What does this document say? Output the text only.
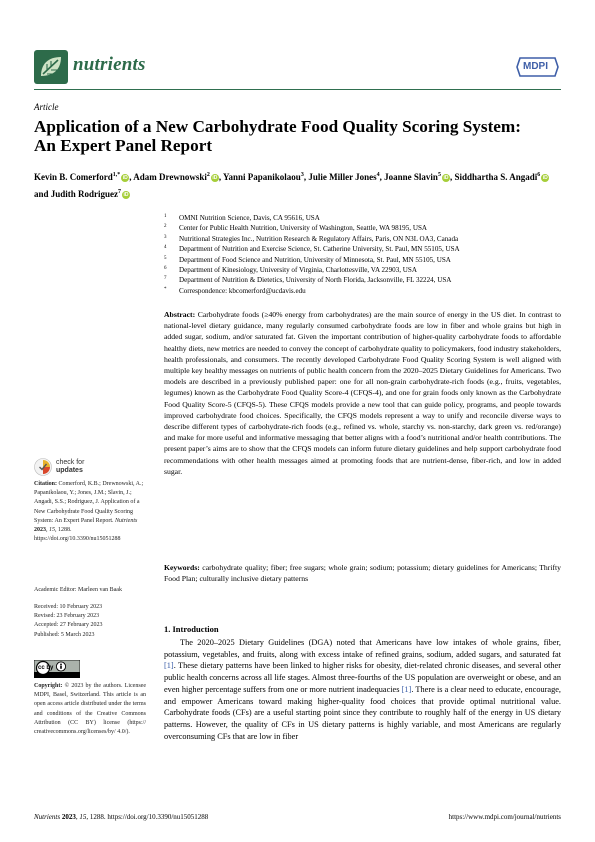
nutrients	MDPI
Article
Application of a New Carbohydrate Food Quality Scoring System: An Expert Panel Report
Kevin B. Comerford$^{1,*}$ iD , Adam Drewnowski$^2$ iD , Yanni Papanikolaou$^3$, Julie Miller Jones$^4$, Joanne Slavin$^5$ iD , Siddhartha S. Angadi$^6$ iD and Judith Rodriguez$^7$ iD
1	OMNI Nutrition Science, Davis, CA 95616, USA
2	Center for Public Health Nutrition, University of Washington, Seattle, WA 98195, USA
3	Nutritional Strategies Inc., Nutrition Research & Regulatory Affairs, Paris, ON N3L OA3, Canada
4	Department of Nutrition and Exercise Science, St. Catherine University, St. Paul, MN 55105, USA
5	Department of Food Science and Nutrition, University of Minnesota, St. Paul, MN 55105, USA
6	Department of Kinesiology, University of Virginia, Charlottesville, VA 22903, USA
7	Department of Nutrition & Dietetics, University of North Florida, Jacksonville, FL 32224, USA
*	Correspondence: kbcomerford@ucdavis.edu
Abstract: Carbohydrate foods (≥40% energy from carbohydrates) are the main source of energy in the US diet. In contrast to national-level dietary guidance, many regularly consumed carbohydrate foods are low in fiber and whole grains but high in added sugar, sodium, and/or saturated fat. Given the important contribution of higher-quality carbohydrate foods to affordable healthy diets, new metrics are needed to convey the concept of carbohydrate quality to policymakers, food industry stakeholders, health professionals, and consumers. The recently developed Carbohydrate Food Quality Scoring System is well aligned with multiple key healthy messages on nutrients of public health concern from the 2020–2025 Dietary Guidelines for Americans. Two models are described in a previously published paper: one for all non-grain carbohydrate-rich foods (e.g., fruits, vegetables, legumes) known as the Carbohydrate Food Quality Score-4 (CFQS-4), and one for grain foods only known as the Carbohydrate Food Quality Score-5 (CFQS-5). These CFQS models provide a new tool that can guide policy, programs, and people towards improved carbohydrate food choices. Specifically, the CFQS models represent a way to unify and reconcile diverse ways to describe different types of carbohydrate-rich foods (e.g., refined vs. whole, starchy vs. non-starchy, dark green vs. red/orange) and make for more useful and informative messaging that better aligns with a food’s nutritional and/or health contributions. The present paper’s aims are to show that the CFQS models can inform future dietary guidelines and help support carbohydrate food recommendations with other health messages aimed at promoting foods that are nutrient-dense, fiber-rich, and low in added sugar.
Keywords: carbohydrate quality; fiber; free sugars; whole grain; sodium; potassium; dietary guidelines for Americans; Thrifty Food Plan; culturally inclusive dietary patterns
check for
updates
Citation: Comerford, K.B.; Drewnowski, A.; Papanikolaou, Y.; Jones, J.M.; Slavin, J.; Angadi, S.S.; Rodriguez, J. Application of a New Carbohydrate Food Quality Scoring System: An Expert Panel Report. Nutrients 2023, 15, 1288. https://doi.org/10.3390/nu15051288
Academic Editor: Marleen van Baak
Received: 10 February 2023
Revised: 23 February 2023
Accepted: 27 February 2023
Published: 5 March 2023
cc by
Copyright: © 2023 by the authors. Licensee MDPI, Basel, Switzerland. This article is an open access article distributed under the terms and conditions of the Creative Commons Attribution (CC BY) license (https:// creativecommons.org/licenses/by/ 4.0/).
1. Introduction

The 2020–2025 Dietary Guidelines (DGA) noted that Americans have low intakes of whole grains, fiber, potassium, vegetables, and fruits, along with excess intake of refined grains, sodium, added sugars, and saturated fat [1]. These dietary patterns have been linked to higher risks for obesity, diet-related chronic diseases, and several other public health concerns across all life stages. Almost three-fourths of the US population are overweight or obese, and an even higher percentage suffers from one or more nutrient inadequacies [1]. There is a clear need to educate, encourage, and empower Americans toward making higher-quality food choices that provide optimal nutritional value. Carbohydrate foods (CFs) are a useful starting point since they contribute to roughly half of the energy in US dietary patterns. However, the quality of CFs in US dietary patterns is highly variable, and most Americans are regularly overconsuming CFs that are low in fiber

Nutrients 2023, 15, 1288. https://doi.org/10.3390/nu15051288	https://www.mdpi.com/journal/nutrients
